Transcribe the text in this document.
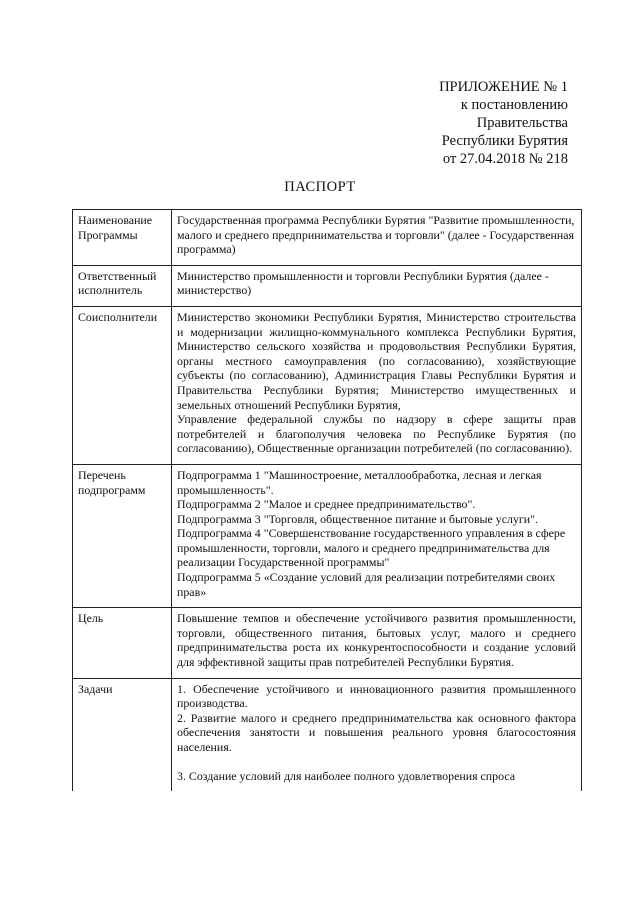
ПРИЛОЖЕНИЕ № 1
к постановлению
Правительства
Республики Бурятия
от 27.04.2018 № 218
ПАСПОРТ
Наименование Программы	Государственная программа Республики Бурятия "Развитие промышленности, малого и среднего предпринимательства и торговли" (далее - Государственная программа)
Ответственный исполнитель	Министерство промышленности и торговли Республики Бурятия (далее - министерство)
Соисполнители	Министерство экономики Республики Бурятия, Министерство строительства и модернизации жилищно-коммунального комплекса Республики Бурятия, Министерство сельского хозяйства и продовольствия Республики Бурятия, органы местного самоуправления (по согласованию), хозяйствующие субъекты (по согласованию), Администрация Главы Республики Бурятия и Правительства Республики Бурятия; Министерство имущественных и земельных отношений Республики Бурятия,
Управление федеральной службы по надзору в сфере защиты прав потребителей и благополучия человека по Республике Бурятия (по согласованию), Общественные организации потребителей (по согласованию).

Перечень подпрограмм	Подпрограмма 1 "Машиностроение, металлообработка, лесная и легкая промышленность".
Подпрограмма 2 "Малое и среднее предпринимательство".
Подпрограмма 3 "Торговля, общественное питание и бытовые услуги".
Подпрограмма 4 "Совершенствование государственного управления в сфере промышленности, торговли, малого и среднего предпринимательства для реализации Государственной программы"
Подпрограмма 5 «Создание условий для реализации потребителями своих прав»

Цель	Повышение темпов и обеспечение устойчивого развития промышленности, торговли, общественного питания, бытовых услуг, малого и среднего предпринимательства роста их конкурентоспособности и создание условий для эффективной защиты прав потребителей Республики Бурятия.
Задачи	1. Обеспечение устойчивого и инновационного развития промышленного производства.
2. Развитие малого и среднего предпринимательства как основного фактора обеспечения занятости и повышения реального уровня благосостояния населения.
3. Создание условий для наиболее полного удовлетворения спроса
